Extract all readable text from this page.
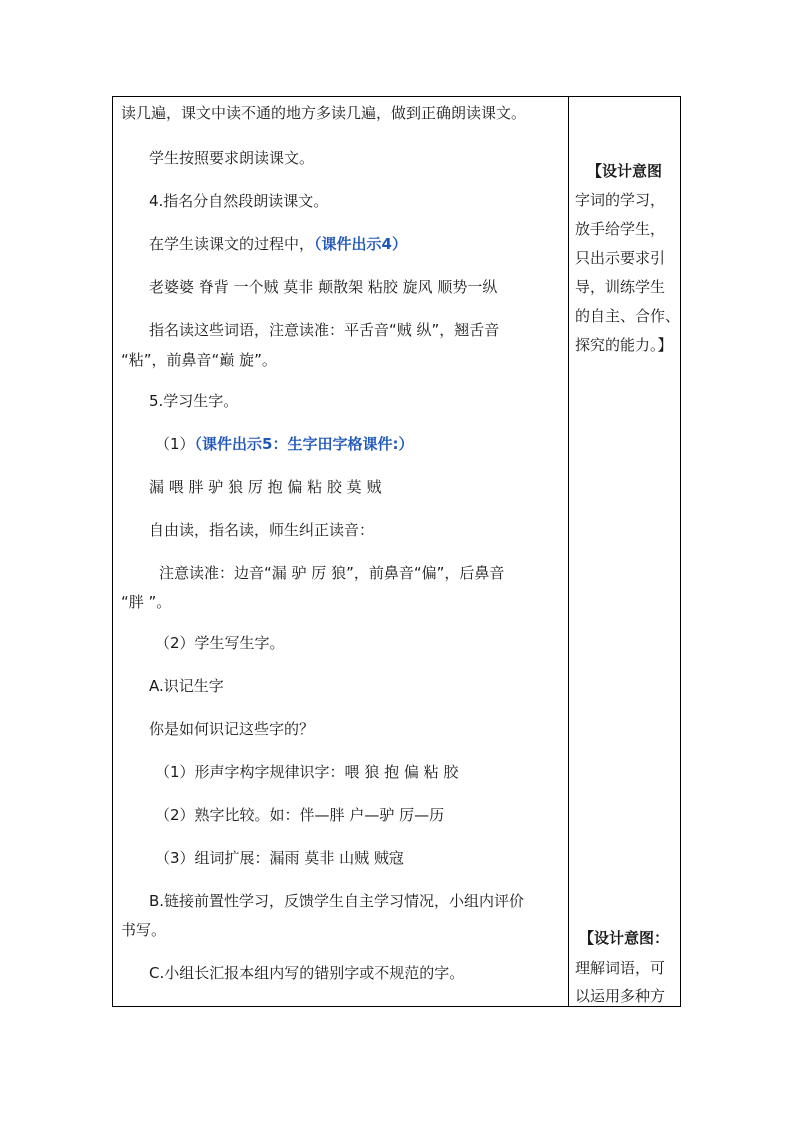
读几遍，课文中读不通的地方多读几遍，做到正确朗读课文。
学生按照要求朗读课文。
4.指名分自然段朗读课文。
在学生读课文的过程中，（课件出示4）
老婆婆 脊背 一个贼 莫非 颠散架 粘胶 旋风 顺势一纵
指名读这些词语，注意读准：平舌音“贼 纵”，翘舌音
“粘”，前鼻音“巅 旋”。
5.学习生字。
（1）（课件出示5：生字田字格课件:）
漏 喂 胖 驴 狼 厉 抱 偏 粘 胶 莫 贼
自由读，指名读，师生纠正读音：
注意读准：边音“漏 驴 厉 狼”，前鼻音“偏”，后鼻音
“胖 ”。
（2）学生写生字。
A.识记生字
你是如何识记这些字的？
（1）形声字构字规律识字：喂 狼 抱 偏 粘 胶
（2）熟字比较。如：伴—胖 户—驴 厉—历
（3）组词扩展：漏雨 莫非 山贼 贼寇
B.链接前置性学习，反馈学生自主学习情况，小组内评价
书写。
C.小组长汇报本组内写的错别字或不规范的字。
【设计意图
字词的学习，
放手给学生，
只出示要求引
导，训练学生
的自主、合作、
探究的能力。】
【设计意图：
理解词语，可
以运用多种方
